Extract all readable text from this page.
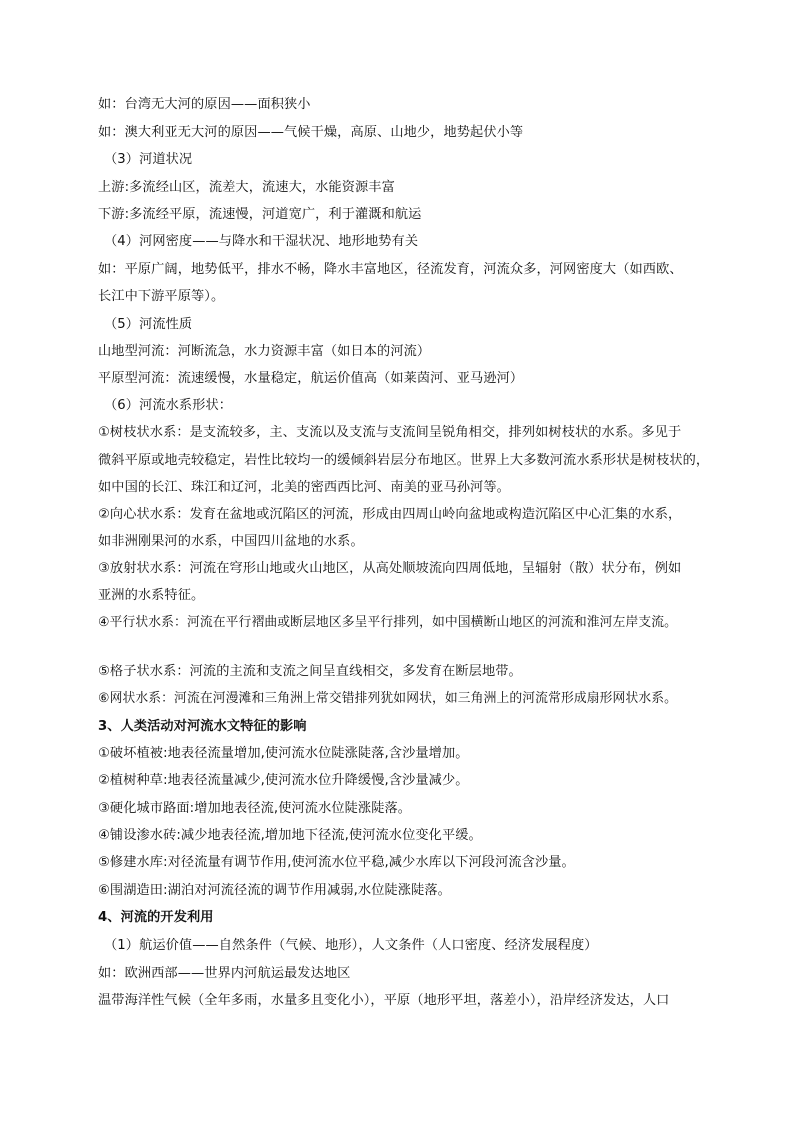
如：台湾无大河的原因——面积狭小

如：澳大利亚无大河的原因——气候干燥，高原、山地少，地势起伏小等

（3）河道状况

上游:多流经山区，流差大，流速大，水能资源丰富

下游:多流经平原，流速慢，河道宽广，利于灌溉和航运

（4）河网密度——与降水和干湿状况、地形地势有关

如：平原广阔，地势低平，排水不畅，降水丰富地区，径流发育，河流众多，河网密度大（如西欧、

长江中下游平原等）。

（5）河流性质

山地型河流：河断流急，水力资源丰富（如日本的河流）

平原型河流：流速缓慢，水量稳定，航运价值高（如莱茵河、亚马逊河）

（6）河流水系形状：

①树枝状水系：是支流较多，主、支流以及支流与支流间呈锐角相交，排列如树枝状的水系。多见于

微斜平原或地壳较稳定，岩性比较均一的缓倾斜岩层分布地区。世界上大多数河流水系形状是树枝状的，

如中国的长江、珠江和辽河，北美的密西西比河、南美的亚马孙河等。

②向心状水系：发育在盆地或沉陷区的河流，形成由四周山岭向盆地或构造沉陷区中心汇集的水系，

如非洲刚果河的水系，中国四川盆地的水系。

③放射状水系：河流在穹形山地或火山地区，从高处顺坡流向四周低地，呈辐射（散）状分布，例如

亚洲的水系特征。

④平行状水系：河流在平行褶曲或断层地区多呈平行排列，如中国横断山地区的河流和淮河左岸支流。

⑤格子状水系：河流的主流和支流之间呈直线相交，多发育在断层地带。

⑥网状水系：河流在河漫滩和三角洲上常交错排列犹如网状，如三角洲上的河流常形成扇形网状水系。

3、人类活动对河流水文特征的影响

①破坏植被:地表径流量增加,使河流水位陡涨陡落,含沙量增加。

②植树种草:地表径流量减少,使河流水位升降缓慢,含沙量减少。

③硬化城市路面:增加地表径流,使河流水位陡涨陡落。

④铺设渗水砖:减少地表径流,增加地下径流,使河流水位变化平缓。

⑤修建水库:对径流量有调节作用,使河流水位平稳,减少水库以下河段河流含沙量。

⑥围湖造田:湖泊对河流径流的调节作用减弱,水位陡涨陡落。

4、河流的开发利用

（1）航运价值——自然条件（气候、地形），人文条件（人口密度、经济发展程度）

如：欧洲西部——世界内河航运最发达地区

温带海洋性气候（全年多雨，水量多且变化小），平原（地形平坦，落差小），沿岸经济发达，人口
